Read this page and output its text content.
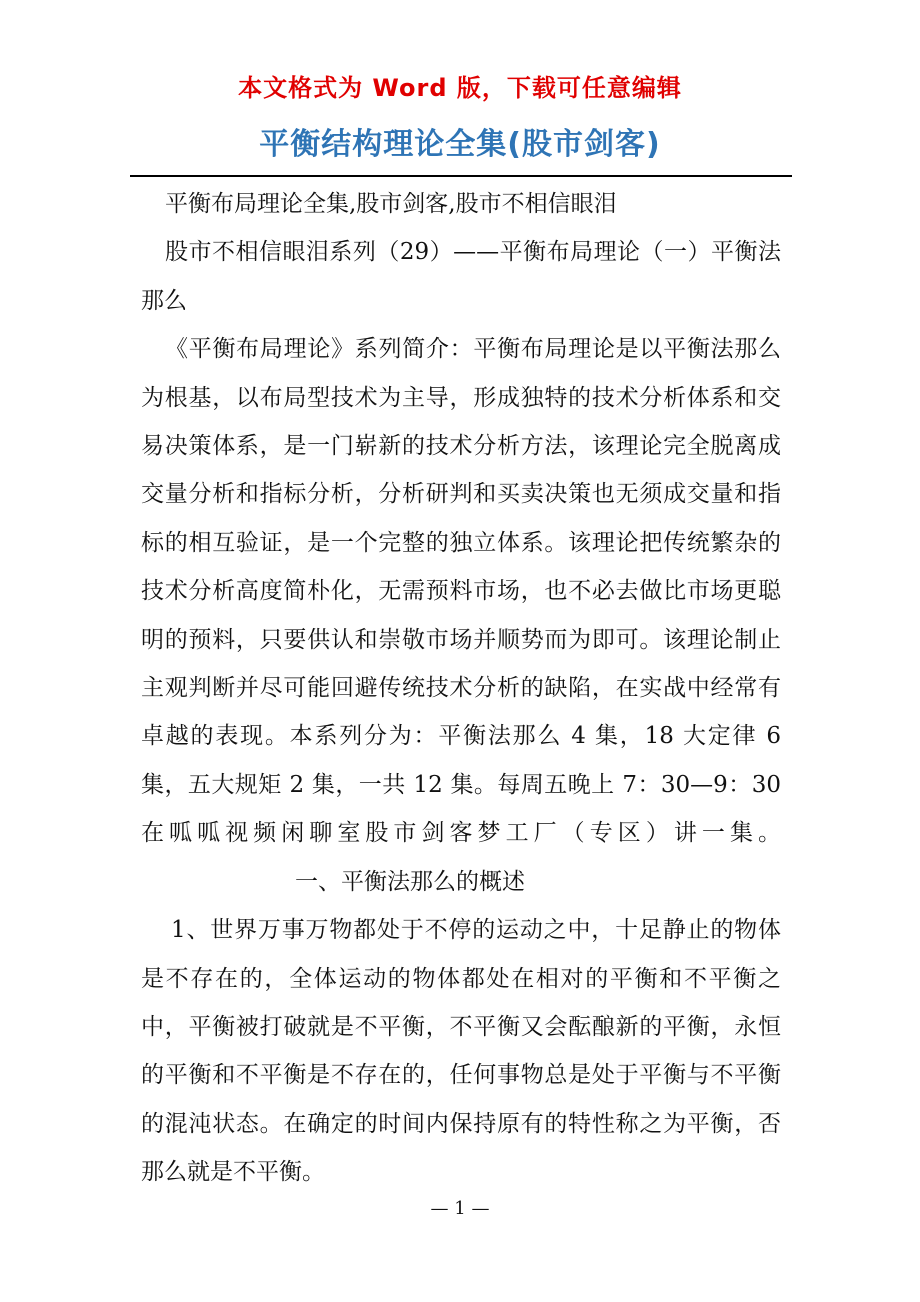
本文格式为 Word 版，下载可任意编辑
平衡结构理论全集(股市剑客)

平衡布局理论全集,股市剑客,股市不相信眼泪

股市不相信眼泪系列（29）——平衡布局理论（一）平衡法那么

《平衡布局理论》系列简介：平衡布局理论是以平衡法那么为根基，以布局型技术为主导，形成独特的技术分析体系和交易决策体系，是一门崭新的技术分析方法，该理论完全脱离成交量分析和指标分析，分析研判和买卖决策也无须成交量和指标的相互验证，是一个完整的独立体系。该理论把传统繁杂的技术分析高度简朴化，无需预料市场，也不必去做比市场更聪明的预料，只要供认和崇敬市场并顺势而为即可。该理论制止主观判断并尽可能回避传统技术分析的缺陷，在实战中经常有卓越的表现。本系列分为：平衡法那么 4 集，18 大定律 6 集，五大规矩 2 集，一共 12 集。每周五晚上 7：30—9：30 在呱呱视频闲聊室股市剑客梦工厂（专区）讲一集。一、平衡法那么的概述

1、世界万事万物都处于不停的运动之中，十足静止的物体是不存在的，全体运动的物体都处在相对的平衡和不平衡之中，平衡被打破就是不平衡，不平衡又会酝酿新的平衡，永恒的平衡和不平衡是不存在的，任何事物总是处于平衡与不平衡的混沌状态。在确定的时间内保持原有的特性称之为平衡，否那么就是不平衡。

— 1 —
